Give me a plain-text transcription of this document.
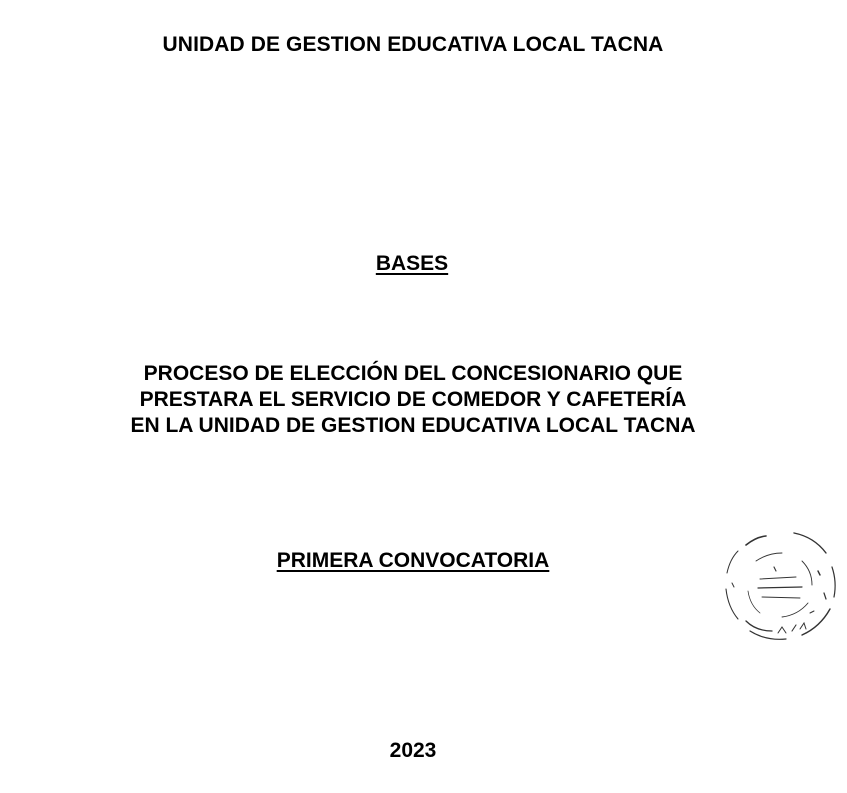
UNIDAD DE GESTION EDUCATIVA LOCAL TACNA
BASES
PROCESO DE ELECCIÓN DEL CONCESIONARIO QUE
PRESTARA EL SERVICIO DE COMEDOR Y CAFETERÍA
EN LA UNIDAD DE GESTION EDUCATIVA LOCAL TACNA
PRIMERA CONVOCATORIA
2023
